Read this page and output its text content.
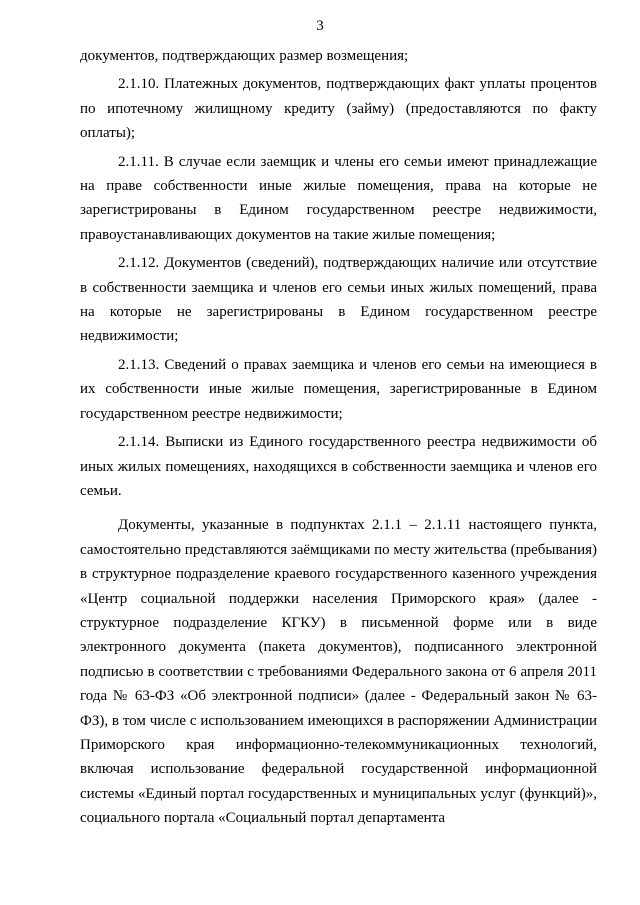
3

документов, подтверждающих размер возмещения;

2.1.10. Платежных документов, подтверждающих факт уплаты процентов по ипотечному жилищному кредиту (займу) (предоставляются по факту оплаты);

2.1.11. В случае если заемщик и члены его семьи имеют принадлежащие на праве собственности иные жилые помещения, права на которые не зарегистрированы в Едином государственном реестре недвижимости, правоустанавливающих документов на такие жилые помещения;

2.1.12. Документов (сведений), подтверждающих наличие или отсутствие в собственности заемщика и членов его семьи иных жилых помещений, права на которые не зарегистрированы в Едином государственном реестре недвижимости;

2.1.13. Сведений о правах заемщика и членов его семьи на имеющиеся в их собственности иные жилые помещения, зарегистрированные в Едином государственном реестре недвижимости;

2.1.14. Выписки из Единого государственного реестра недвижимости об иных жилых помещениях, находящихся в собственности заемщика и членов его семьи.

Документы, указанные в подпунктах 2.1.1 – 2.1.11 настоящего пункта, самостоятельно представляются заёмщиками по месту жительства (пребывания) в структурное подразделение краевого государственного казенного учреждения «Центр социальной поддержки населения Приморского края» (далее - структурное подразделение КГКУ) в письменной форме или в виде электронного документа (пакета документов), подписанного электронной подписью в соответствии с требованиями Федерального закона от 6 апреля 2011 года № 63-ФЗ «Об электронной подписи» (далее - Федеральный закон № 63-ФЗ), в том числе с использованием имеющихся в распоряжении Администрации Приморского края информационно-телекоммуникационных технологий, включая использование федеральной государственной информационной системы «Единый портал государственных и муниципальных услуг (функций)», социального портала «Социальный портал департамента
